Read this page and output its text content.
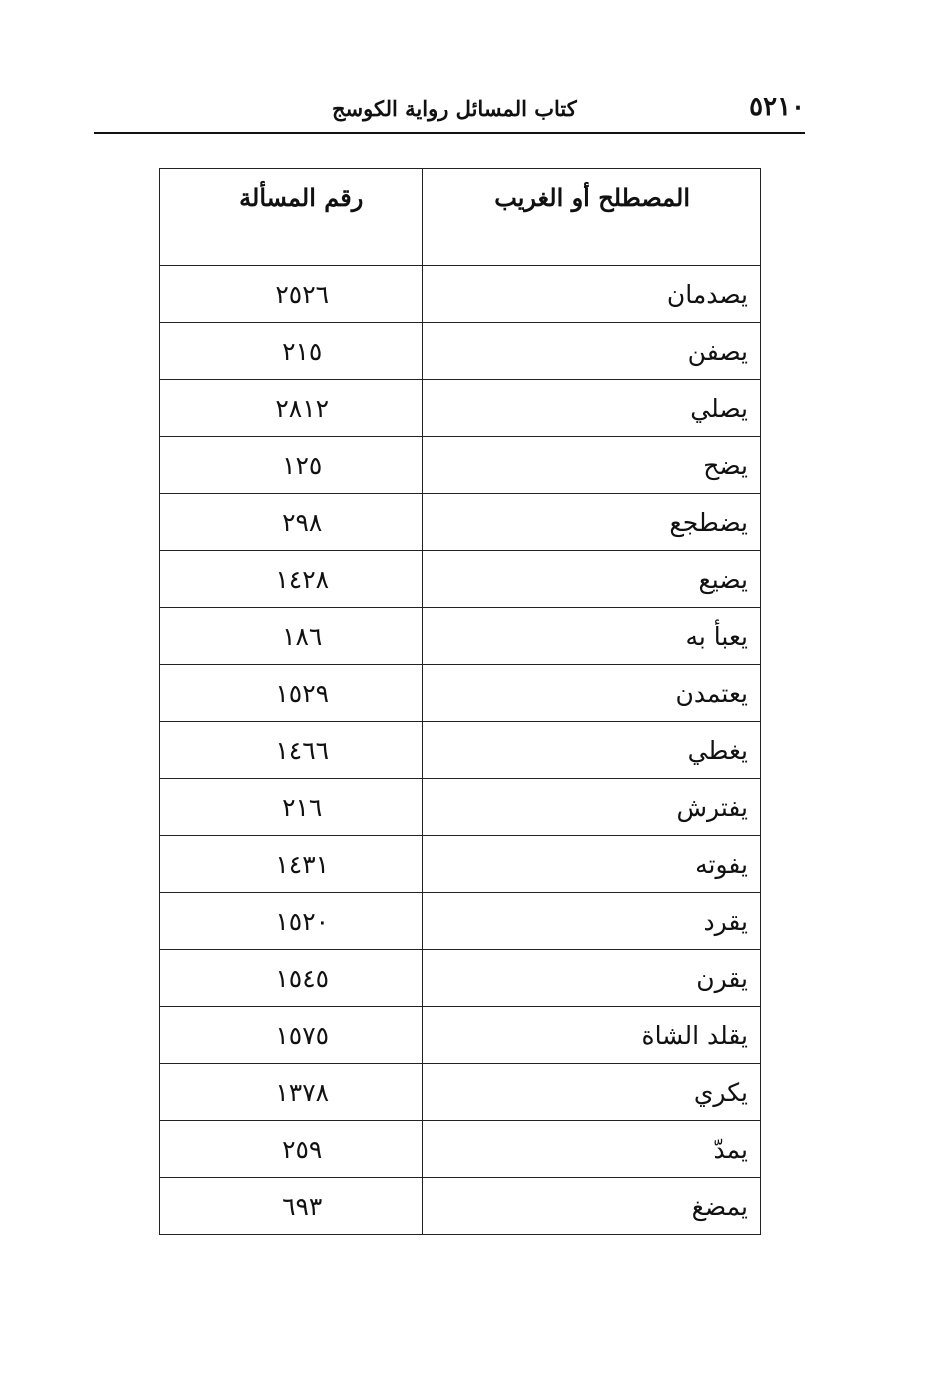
٥٢١٠
كتاب المسائل رواية الكوسج
المصطلح أو الغريب	رقم المسألة
يصدمان	٢٥٢٦
يصفن	٢١٥
يصلي	٢٨١٢
يضح	١٢٥
يضطجع	٢٩٨
يضيع	١٤٢٨
يعبأ به	١٨٦
يعتمدن	١٥٢٩
يغطي	١٤٦٦
يفترش	٢١٦
يفوته	١٤٣١
يقرد	١٥٢٠
يقرن	١٥٤٥
يقلد الشاة	١٥٧٥
يكري	١٣٧٨
يمدّ	٢٥٩
يمضغ	٦٩٣
